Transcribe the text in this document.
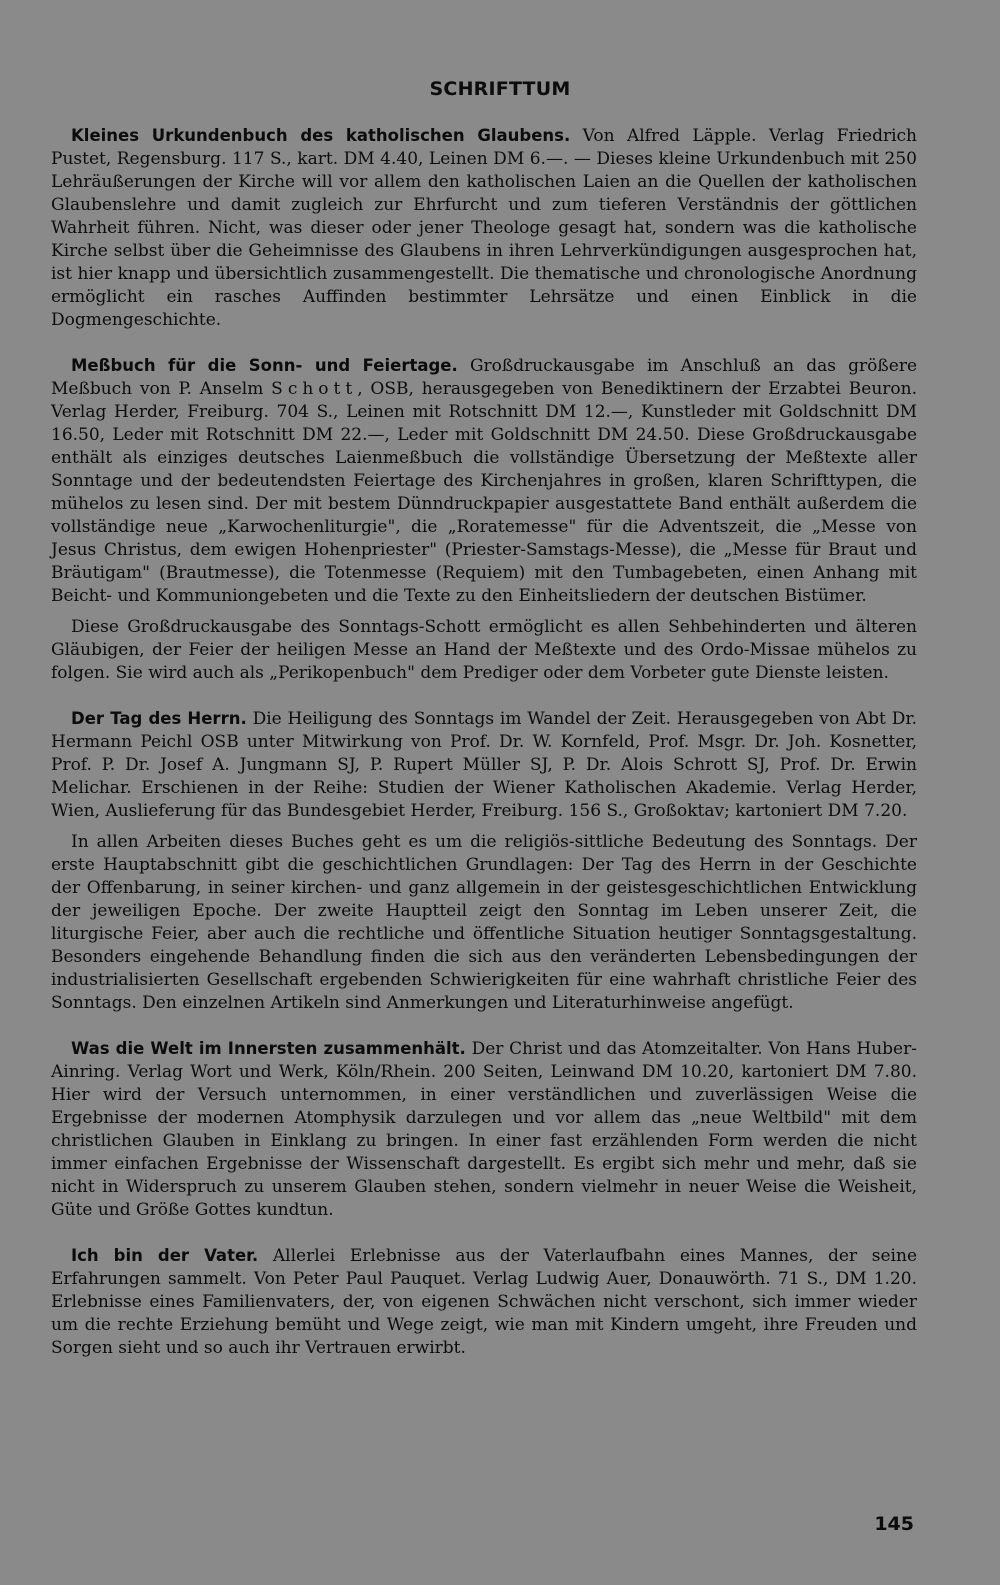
SCHRIFTTUM

Kleines Urkundenbuch des katholischen Glaubens. Von Alfred Läpple. Verlag Friedrich Pustet, Regensburg. 117 S., kart. DM 4.40, Leinen DM 6.—. — Dieses kleine Urkundenbuch mit 250 Lehräußerungen der Kirche will vor allem den katholischen Laien an die Quellen der katholischen Glaubenslehre und damit zugleich zur Ehrfurcht und zum tieferen Verständnis der göttlichen Wahrheit führen. Nicht, was dieser oder jener Theologe gesagt hat, sondern was die katholische Kirche selbst über die Geheimnisse des Glaubens in ihren Lehrverkündigungen ausgesprochen hat, ist hier knapp und übersichtlich zusammengestellt. Die thematische und chronologische Anordnung ermöglicht ein rasches Auffinden bestimmter Lehrsätze und einen Einblick in die Dogmengeschichte.

Meßbuch für die Sonn- und Feiertage. Großdruckausgabe im Anschluß an das größere Meßbuch von P. Anselm Schott, OSB, herausgegeben von Benediktinern der Erzabtei Beuron. Verlag Herder, Freiburg. 704 S., Leinen mit Rotschnitt DM 12.—, Kunstleder mit Goldschnitt DM 16.50, Leder mit Rotschnitt DM 22.—, Leder mit Goldschnitt DM 24.50. Diese Großdruckausgabe enthält als einziges deutsches Laienmeßbuch die vollständige Übersetzung der Meßtexte aller Sonntage und der bedeutendsten Feiertage des Kirchenjahres in großen, klaren Schrifttypen, die mühelos zu lesen sind. Der mit bestem Dünndruckpapier ausgestattete Band enthält außerdem die vollständige neue „Karwochenliturgie", die „Roratemesse" für die Adventszeit, die „Messe von Jesus Christus, dem ewigen Hohenpriester" (Priester-Samstags-Messe), die „Messe für Braut und Bräutigam" (Brautmesse), die Totenmesse (Requiem) mit den Tumbagebeten, einen Anhang mit Beicht- und Kommuniongebeten und die Texte zu den Einheitsliedern der deutschen Bistümer.

Diese Großdruckausgabe des Sonntags-Schott ermöglicht es allen Sehbehinderten und älteren Gläubigen, der Feier der heiligen Messe an Hand der Meßtexte und des Ordo-Missae mühelos zu folgen. Sie wird auch als „Perikopenbuch" dem Prediger oder dem Vorbeter gute Dienste leisten.

Der Tag des Herrn. Die Heiligung des Sonntags im Wandel der Zeit. Herausgegeben von Abt Dr. Hermann Peichl OSB unter Mitwirkung von Prof. Dr. W. Kornfeld, Prof. Msgr. Dr. Joh. Kosnetter, Prof. P. Dr. Josef A. Jungmann SJ, P. Rupert Müller SJ, P. Dr. Alois Schrott SJ, Prof. Dr. Erwin Melichar. Erschienen in der Reihe: Studien der Wiener Katholischen Akademie. Verlag Herder, Wien, Auslieferung für das Bundesgebiet Herder, Freiburg. 156 S., Großoktav; kartoniert DM 7.20.

In allen Arbeiten dieses Buches geht es um die religiös-sittliche Bedeutung des Sonntags. Der erste Hauptabschnitt gibt die geschichtlichen Grundlagen: Der Tag des Herrn in der Geschichte der Offenbarung, in seiner kirchen- und ganz allgemein in der geistesgeschichtlichen Entwicklung der jeweiligen Epoche. Der zweite Hauptteil zeigt den Sonntag im Leben unserer Zeit, die liturgische Feier, aber auch die rechtliche und öffentliche Situation heutiger Sonntagsgestaltung. Besonders eingehende Behandlung finden die sich aus den veränderten Lebensbedingungen der industrialisierten Gesellschaft ergebenden Schwierigkeiten für eine wahrhaft christliche Feier des Sonntags. Den einzelnen Artikeln sind Anmerkungen und Literaturhinweise angefügt.

Was die Welt im Innersten zusammenhält. Der Christ und das Atomzeitalter. Von Hans Huber-Ainring. Verlag Wort und Werk, Köln/Rhein. 200 Seiten, Leinwand DM 10.20, kartoniert DM 7.80. Hier wird der Versuch unternommen, in einer verständlichen und zuverlässigen Weise die Ergebnisse der modernen Atomphysik darzulegen und vor allem das „neue Weltbild" mit dem christlichen Glauben in Einklang zu bringen. In einer fast erzählenden Form werden die nicht immer einfachen Ergebnisse der Wissenschaft dargestellt. Es ergibt sich mehr und mehr, daß sie nicht in Widerspruch zu unserem Glauben stehen, sondern vielmehr in neuer Weise die Weisheit, Güte und Größe Gottes kundtun.

Ich bin der Vater. Allerlei Erlebnisse aus der Vaterlaufbahn eines Mannes, der seine Erfahrungen sammelt. Von Peter Paul Pauquet. Verlag Ludwig Auer, Donauwörth. 71 S., DM 1.20. Erlebnisse eines Familienvaters, der, von eigenen Schwächen nicht verschont, sich immer wieder um die rechte Erziehung bemüht und Wege zeigt, wie man mit Kindern umgeht, ihre Freuden und Sorgen sieht und so auch ihr Vertrauen erwirbt.

145
